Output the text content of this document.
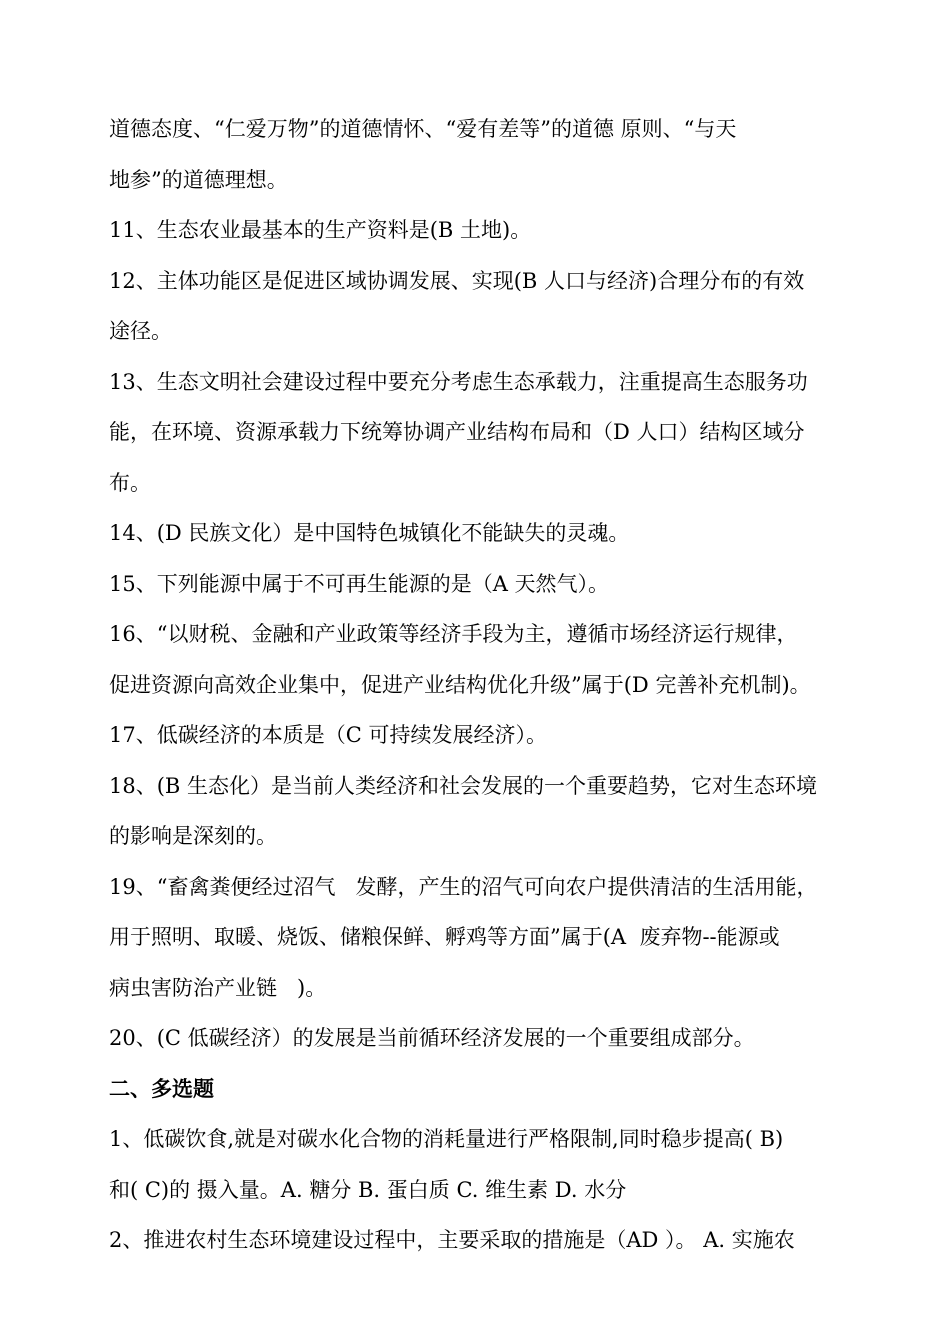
道德态度、“仁爱万物”的道德情怀、“爱有差等”的道德 原则、“与天
地参”的道德理想。
11、生态农业最基本的生产资料是(B 土地)。
12、主体功能区是促进区域协调发展、实现(B 人口与经济)合理分布的有效
途径。
13、生态文明社会建设过程中要充分考虑生态承载力，注重提高生态服务功
能，在环境、资源承载力下统筹协调产业结构布局和（D 人口）结构区域分
布。
14、(D 民族文化）是中国特色城镇化不能缺失的灵魂。
15、下列能源中属于不可再生能源的是（A 天然气）。
16、“以财税、金融和产业政策等经济手段为主，遵循市场经济运行规律，
促进资源向高效企业集中，促进产业结构优化升级”属于(D 完善补充机制)。
17、低碳经济的本质是（C 可持续发展经济）。
18、(B 生态化）是当前人类经济和社会发展的一个重要趋势，它对生态环境
的影响是深刻的。
19、“畜禽粪便经过沼气   发酵，产生的沼气可向农户提供清洁的生活用能，
用于照明、取暖、烧饭、储粮保鲜、孵鸡等方面”属于(A  废弃物--能源或
病虫害防治产业链   )。
20、(C 低碳经济）的发展是当前循环经济发展的一个重要组成部分。
二、多选题
1、低碳饮食,就是对碳水化合物的消耗量进行严格限制,同时稳步提高( B)
和( C)的 摄入量。A. 糖分 B. 蛋白质 C. 维生素 D. 水分
2、推进农村生态环境建设过程中，主要采取的措施是（AD ）。 A. 实施农
